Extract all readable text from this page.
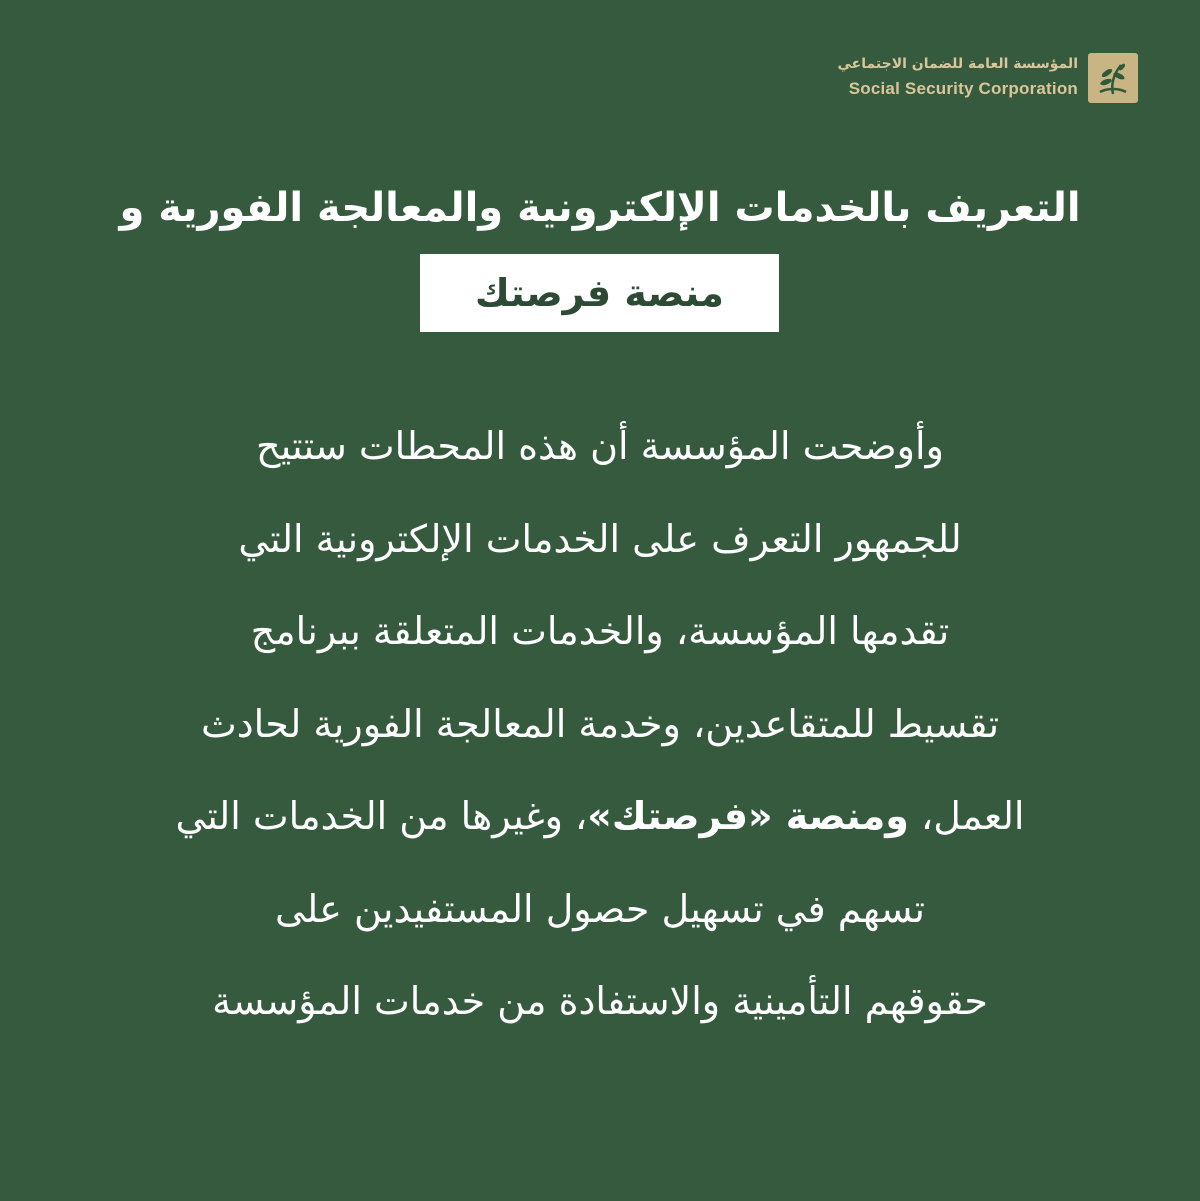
المؤسسة العامة للضمان الاجتماعي
Social Security Corporation
التعريف بالخدمات الإلكترونية والمعالجة الفورية و
منصة فرصتك
وأوضحت المؤسسة أن هذه المحطات ستتيح
للجمهور التعرف على الخدمات الإلكترونية التي
تقدمها المؤسسة، والخدمات المتعلقة ببرنامج
تقسيط للمتقاعدين، وخدمة المعالجة الفورية لحادث
العمل، ومنصة «فرصتك»، وغيرها من الخدمات التي
تسهم في تسهيل حصول المستفيدين على
حقوقهم التأمينية والاستفادة من خدمات المؤسسة
